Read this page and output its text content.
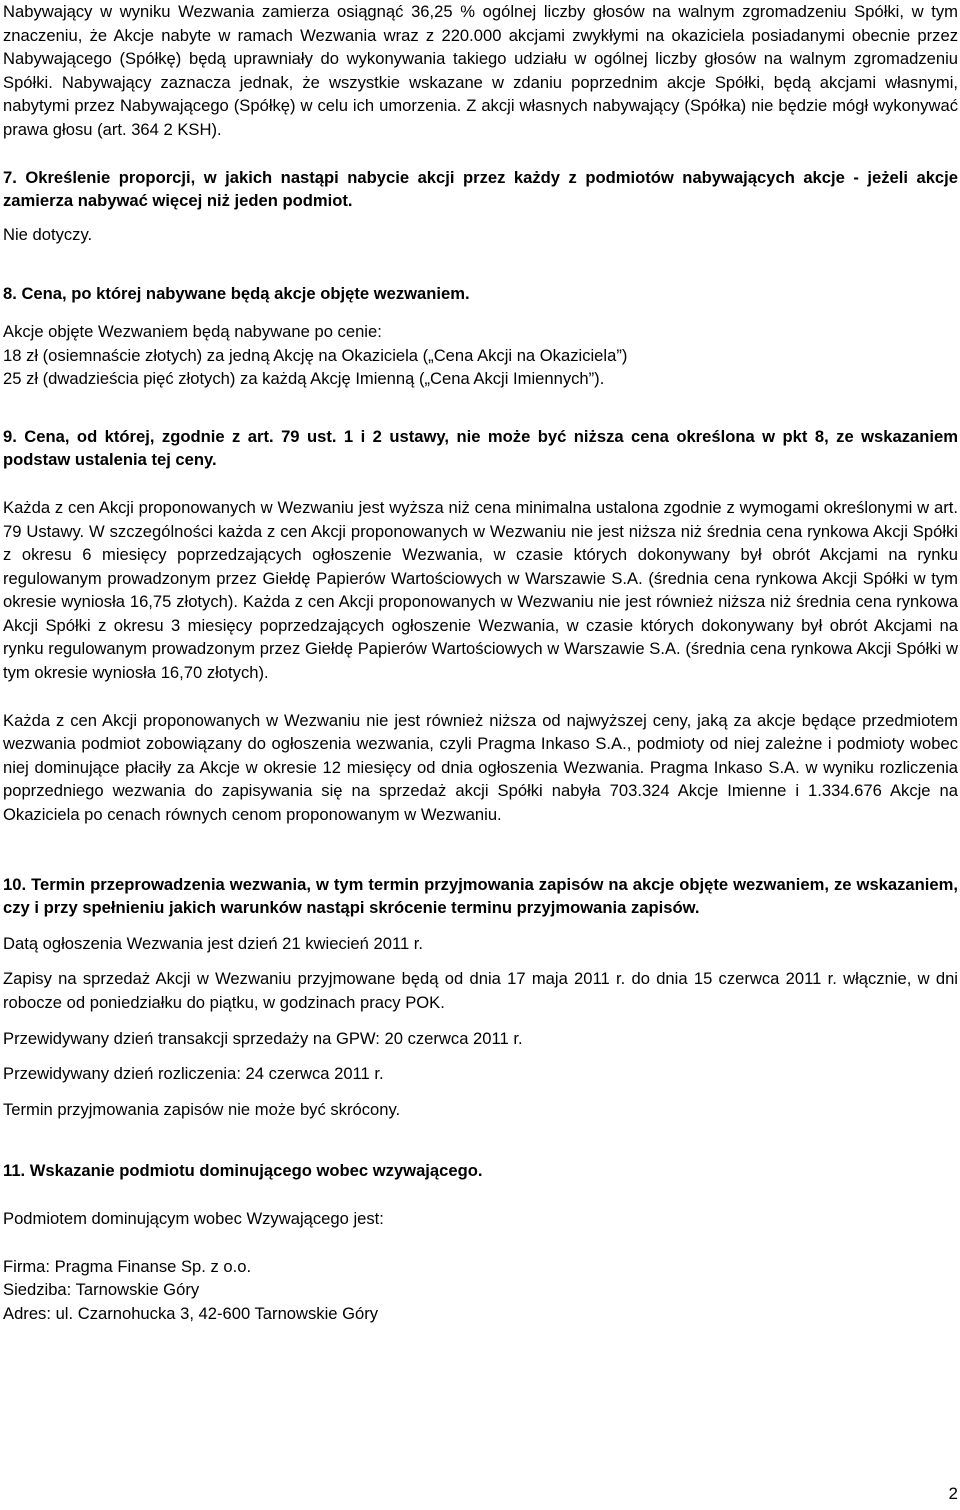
Nabywający w wyniku Wezwania zamierza osiągnąć 36,25 % ogólnej liczby głosów na walnym zgromadzeniu Spółki, w tym znaczeniu, że Akcje nabyte w ramach Wezwania wraz z 220.000 akcjami zwykłymi na okaziciela posiadanymi obecnie przez Nabywającego (Spółkę) będą uprawniały do wykonywania takiego udziału w ogólnej liczby głosów na walnym zgromadzeniu Spółki. Nabywający zaznacza jednak, że wszystkie wskazane w zdaniu poprzednim akcje Spółki, będą akcjami własnymi, nabytymi przez Nabywającego (Spółkę) w celu ich umorzenia. Z akcji własnych nabywający (Spółka) nie będzie mógł wykonywać prawa głosu (art. 364 2 KSH).

7. Określenie proporcji, w jakich nastąpi nabycie akcji przez każdy z podmiotów nabywających akcje - jeżeli akcje zamierza nabywać więcej niż jeden podmiot.

Nie dotyczy.

8. Cena, po której nabywane będą akcje objęte wezwaniem.

Akcje objęte Wezwaniem będą nabywane po cenie:
18 zł (osiemnaście złotych) za jedną Akcję na Okaziciela („Cena Akcji na Okaziciela”)
25 zł (dwadzieścia pięć złotych) za każdą Akcję Imienną („Cena Akcji Imiennych”).

9. Cena, od której, zgodnie z art. 79 ust. 1 i 2 ustawy, nie może być niższa cena określona w pkt 8, ze wskazaniem podstaw ustalenia tej ceny.

Każda z cen Akcji proponowanych w Wezwaniu jest wyższa niż cena minimalna ustalona zgodnie z wymogami określonymi w art. 79 Ustawy. W szczególności każda z cen Akcji proponowanych w Wezwaniu nie jest niższa niż średnia cena rynkowa Akcji Spółki z okresu 6 miesięcy poprzedzających ogłoszenie Wezwania, w czasie których dokonywany był obrót Akcjami na rynku regulowanym prowadzonym przez Giełdę Papierów Wartościowych w Warszawie S.A. (średnia cena rynkowa Akcji Spółki w tym okresie wyniosła 16,75 złotych). Każda z cen Akcji proponowanych w Wezwaniu nie jest również niższa niż średnia cena rynkowa Akcji Spółki z okresu 3 miesięcy poprzedzających ogłoszenie Wezwania, w czasie których dokonywany był obrót Akcjami na rynku regulowanym prowadzonym przez Giełdę Papierów Wartościowych w Warszawie S.A. (średnia cena rynkowa Akcji Spółki w tym okresie wyniosła 16,70 złotych).

Każda z cen Akcji proponowanych w Wezwaniu nie jest również niższa od najwyższej ceny, jaką za akcje będące przedmiotem wezwania podmiot zobowiązany do ogłoszenia wezwania, czyli Pragma Inkaso S.A., podmioty od niej zależne i podmioty wobec niej dominujące płaciły za Akcje w okresie 12 miesięcy od dnia ogłoszenia Wezwania. Pragma Inkaso S.A. w wyniku rozliczenia poprzedniego wezwania do zapisywania się na sprzedaż akcji Spółki nabyła 703.324 Akcje Imienne i 1.334.676 Akcje na Okaziciela po cenach równych cenom proponowanym w Wezwaniu.

10. Termin przeprowadzenia wezwania, w tym termin przyjmowania zapisów na akcje objęte wezwaniem, ze wskazaniem, czy i przy spełnieniu jakich warunków nastąpi skrócenie terminu przyjmowania zapisów.

Datą ogłoszenia Wezwania jest dzień 21 kwiecień 2011 r.

Zapisy na sprzedaż Akcji w Wezwaniu przyjmowane będą od dnia 17 maja 2011 r. do dnia 15 czerwca 2011 r. włącznie, w dni robocze od poniedziałku do piątku, w godzinach pracy POK.

Przewidywany dzień transakcji sprzedaży na GPW: 20 czerwca 2011 r.

Przewidywany dzień rozliczenia: 24 czerwca 2011 r.

Termin przyjmowania zapisów nie może być skrócony.

11. Wskazanie podmiotu dominującego wobec wzywającego.

Podmiotem dominującym wobec Wzywającego jest:

Firma: Pragma Finanse Sp. z o.o.
Siedziba: Tarnowskie Góry
Adres: ul. Czarnohucka 3, 42-600 Tarnowskie Góry
2
